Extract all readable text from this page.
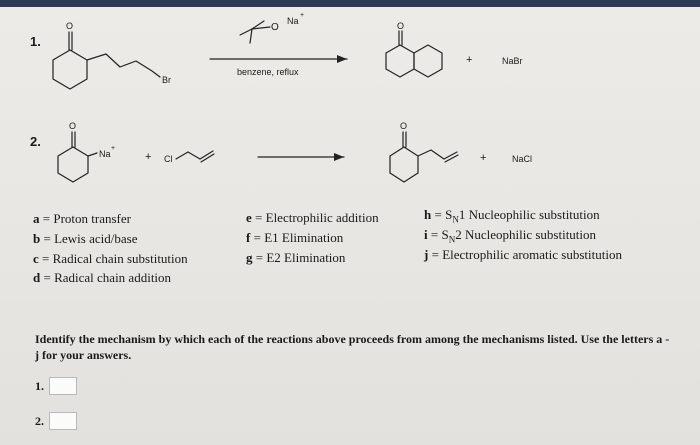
O
Br
O
Na
+
O
+	NaBr
O
Na
+
+ Cl
O
+	NaCl
benzene, reflux
1.
2.
a = Proton transfer
b = Lewis acid/base
c = Radical chain substitution
d = Radical chain addition
e = Electrophilic addition
f = E1 Elimination
g = E2 Elimination
$h = S_N1$ Nucleophilic substitution
$i = S_N2$ Nucleophilic substitution
j = Electrophilic aromatic substitution
Identify the mechanism by which each of the reactions above proceeds from among the mechanisms listed. Use the letters a - j for your answers.
1.
2.
